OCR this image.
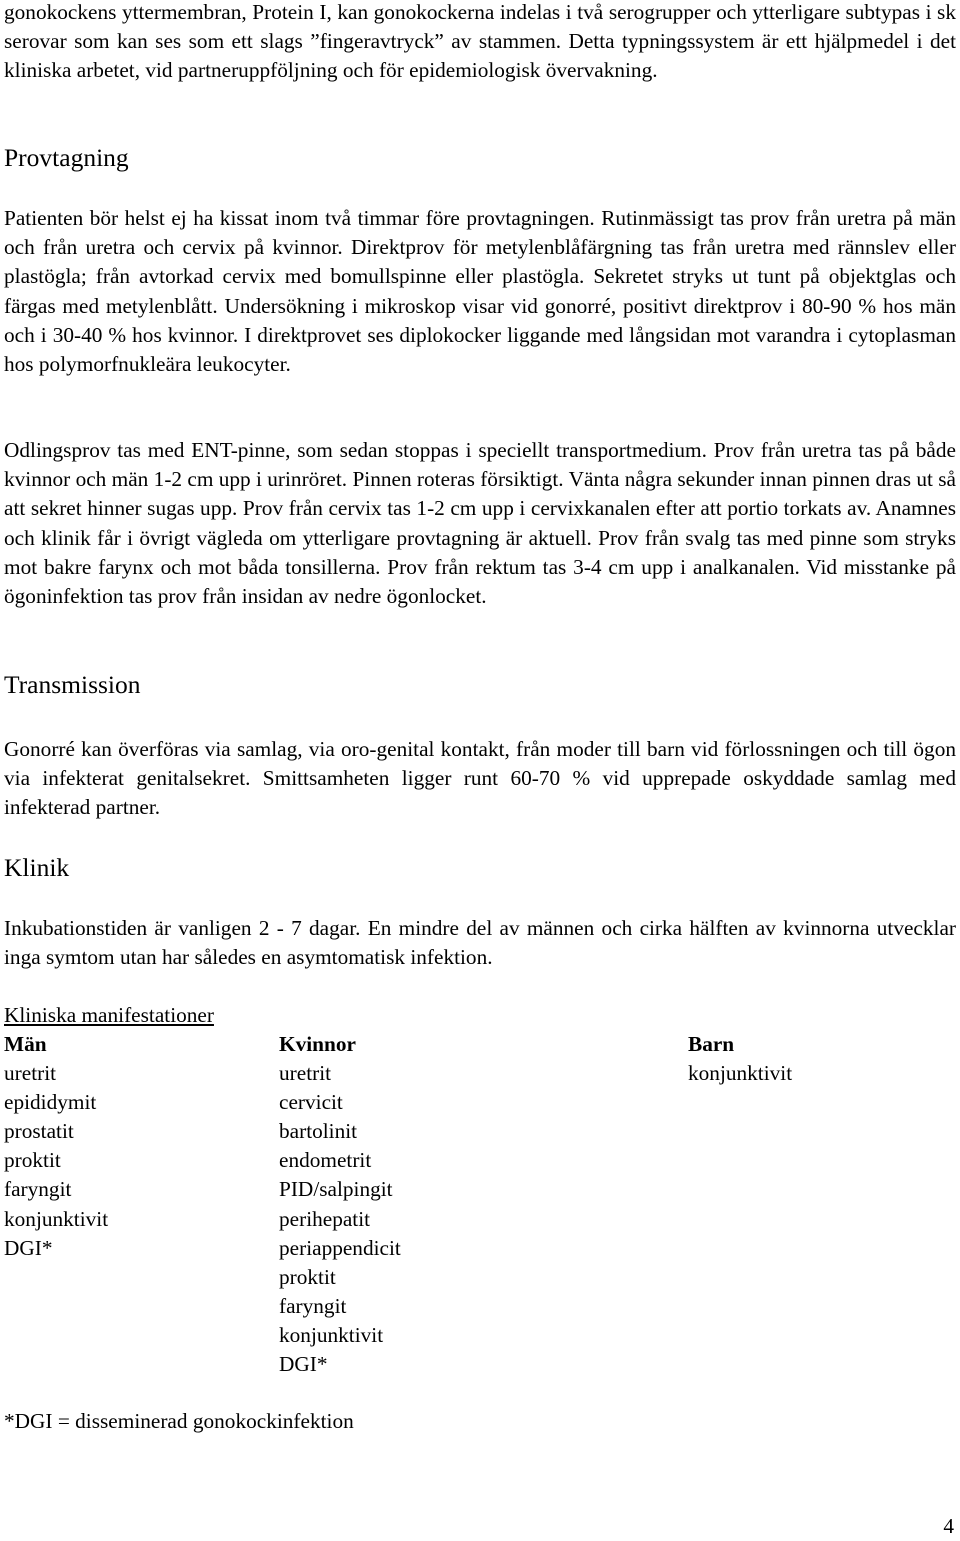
gonokockens yttermembran, Protein I, kan gonokockerna indelas i två serogrupper och ytterligare subtypas i sk serovar som kan ses som ett slags ”fingeravtryck” av stammen. Detta typningssystem är ett hjälpmedel i det kliniska arbetet, vid partneruppföljning och för epidemiologisk övervakning.

Provtagning

Patienten bör helst ej ha kissat inom två timmar före provtagningen. Rutinmässigt tas prov från uretra på män och från uretra och cervix på kvinnor. Direktprov för metylenblåfärgning tas från uretra med rännslev eller plastögla; från avtorkad cervix med bomullspinne eller plastögla. Sekretet stryks ut tunt på objektglas och färgas med metylenblått. Undersökning i mikroskop visar vid gonorré, positivt direktprov i 80-90 % hos män och i 30-40 % hos kvinnor. I direktprovet ses diplokocker liggande med långsidan mot varandra i cytoplasman hos polymorfnukleära leukocyter.

Odlingsprov tas med ENT-pinne, som sedan stoppas i speciellt transportmedium. Prov från uretra tas på både kvinnor och män 1-2 cm upp i urinröret. Pinnen roteras försiktigt. Vänta några sekunder innan pinnen dras ut så att sekret hinner sugas upp. Prov från cervix tas 1-2 cm upp i cervixkanalen efter att portio torkats av. Anamnes och klinik får i övrigt vägleda om ytterligare provtagning är aktuell. Prov från svalg tas med pinne som stryks mot bakre farynx och mot båda tonsillerna. Prov från rektum tas 3-4 cm upp i analkanalen. Vid misstanke på ögoninfektion tas prov från insidan av nedre ögonlocket.

Transmission

Gonorré kan överföras via samlag, via oro-genital kontakt, från moder till barn vid förlossningen och till ögon via infekterat genitalsekret. Smittsamheten ligger runt 60-70 % vid upprepade oskyddade samlag med infekterad partner.

Klinik

Inkubationstiden är vanligen 2 - 7 dagar. En mindre del av männen och cirka hälften av kvinnorna utvecklar inga symtom utan har således en asymtomatisk infektion.

Kliniska manifestationer

Män
uretrit
epididymit
prostatit
proktit
faryngit
konjunktivit
DGI*
Kvinnor
uretrit
cervicit
bartolinit
endometrit
PID/salpingit
perihepatit
periappendicit
proktit
faryngit
konjunktivit
DGI*
Barn
konjunktivit

*DGI = disseminerad gonokockinfektion

4
